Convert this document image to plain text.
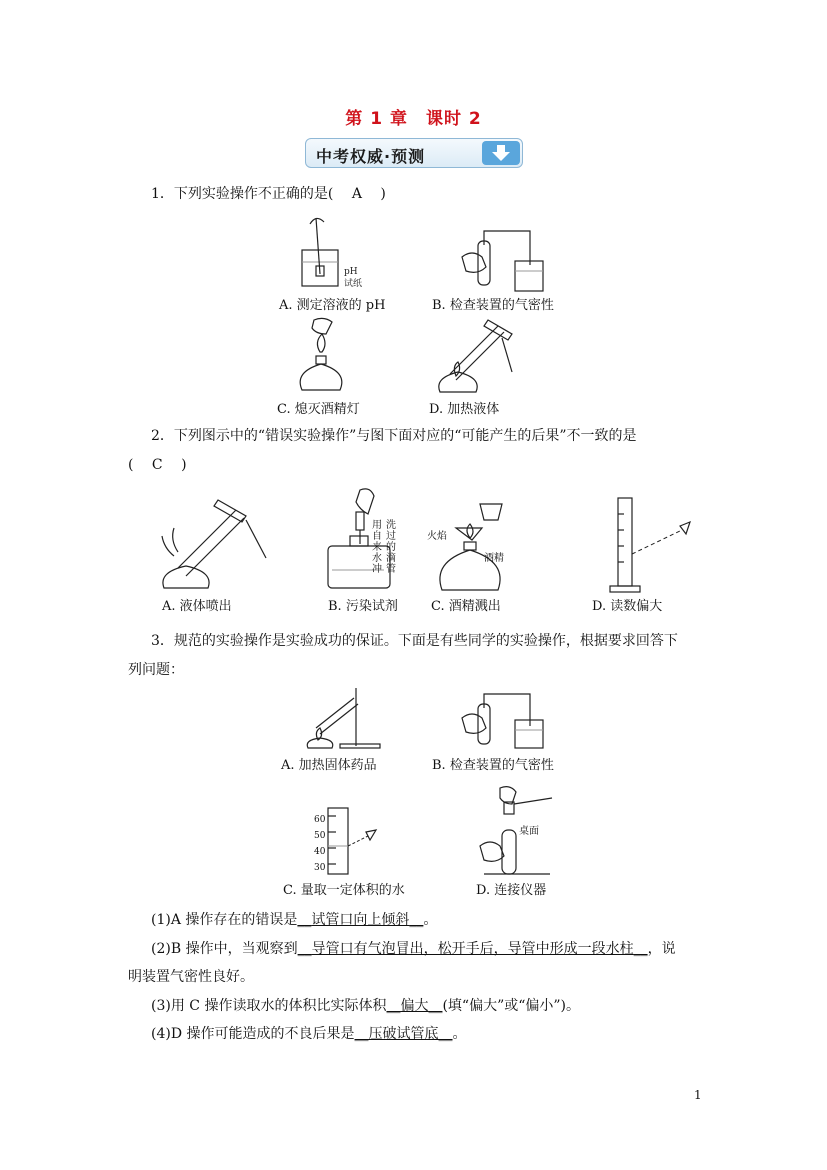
第 1 章　课时 2
中考权威·预测
1．下列实验操作不正确的是(　 A　 )
pH
试纸
A. 测定溶液的 pH	B. 检查装置的气密性
C. 熄灭酒精灯	D. 加热液体
2．下列图示中的“错误实验操作”与图下面对应的“可能产生的后果”不一致的是
(　 C　 )
A. 液体喷出
用
自
来
水
冲
洗
过
的
滴
管
B. 污染试剂
火焰
酒精
C. 酒精溅出	D. 读数偏大
3．规范的实验操作是实验成功的保证。下面是有些同学的实验操作，根据要求回答下
列问题：
A. 加热固体药品	B. 检查装置的气密性
60
50
40
30
C. 量取一定体积的水
桌面
D. 连接仪器
(1)A 操作存在的错误是__试管口向上倾斜__。
(2)B 操作中，当观察到__导管口有气泡冒出，松开手后，导管中形成一段水柱__，说
明装置气密性良好。
(3)用 C 操作读取水的体积比实际体积__偏大__(填“偏大”或“偏小”)。
(4)D 操作可能造成的不良后果是__压破试管底__。
1
